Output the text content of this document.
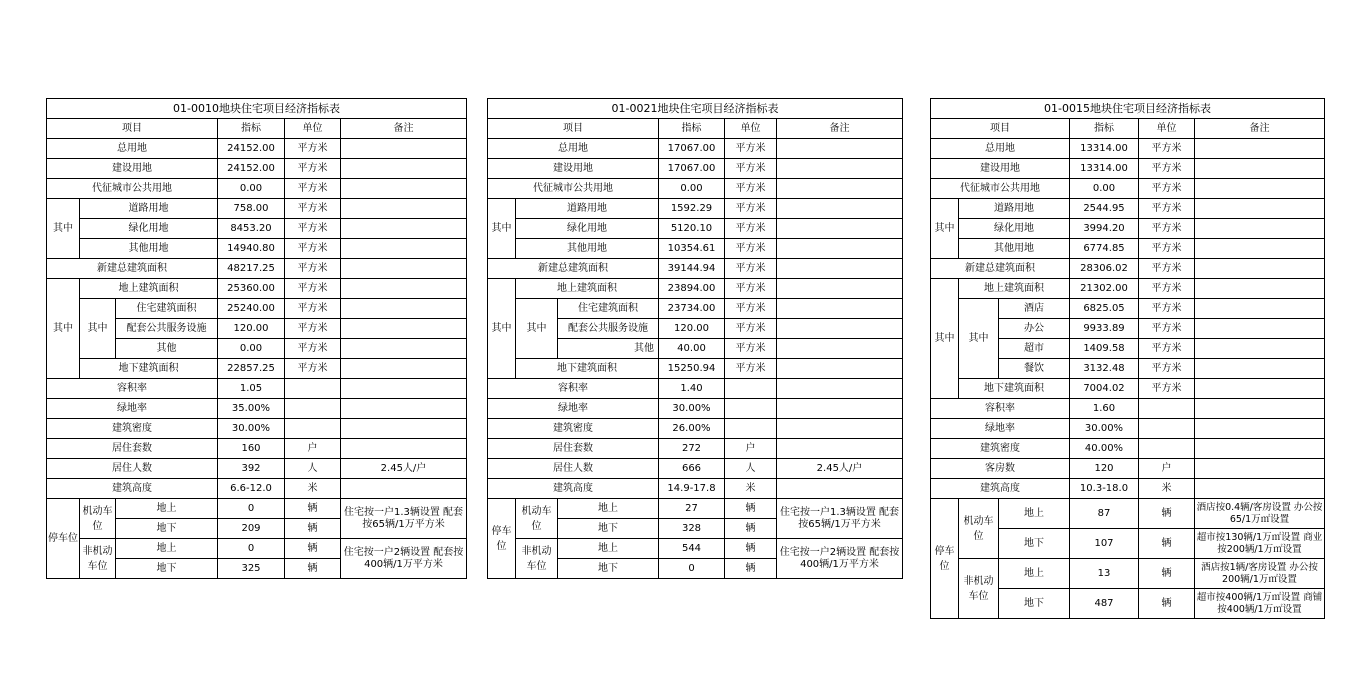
01-0010地块住宅项目经济指标表					
项目			指标	单位	备注
总用地			24152.00	平方米	
建设用地			24152.00	平方米	
代征城市公共用地			0.00	平方米	
其中	道路用地		758.00	平方米	
	绿化用地		8453.20	平方米	
	其他用地		14940.80	平方米	
新建总建筑面积			48217.25	平方米	
其中	地上建筑面积		25360.00	平方米	
	其中	住宅建筑面积	25240.00	平方米	
		配套公共服务设施	120.00	平方米	
		其他	0.00	平方米	
	地下建筑面积		22857.25	平方米	
容积率			1.05		
绿地率			35.00%		
建筑密度			30.00%		
居住套数			160	户	
居住人数			392	人	2.45人/户
建筑高度			6.6-12.0	米	
停车位	机动车位	地上	0	辆	住宅按一户1.3辆设置 配套按65辆/1万平方米
		地下	209	辆	
	非机动车位	地上	0	辆	住宅按一户2辆设置 配套按400辆/1万平方米
		地下	325	辆	
01-0021地块住宅项目经济指标表					
项目			指标	单位	备注
总用地			17067.00	平方米	
建设用地			17067.00	平方米	
代征城市公共用地			0.00	平方米	
其中	道路用地		1592.29	平方米	
	绿化用地		5120.10	平方米	
	其他用地		10354.61	平方米	
新建总建筑面积			39144.94	平方米	
其中	地上建筑面积		23894.00	平方米	
	其中	住宅建筑面积	23734.00	平方米	
		配套公共服务设施	120.00	平方米	
		其他	40.00	平方米	
	地下建筑面积		15250.94	平方米	
容积率			1.40		
绿地率			30.00%		
建筑密度			26.00%		
居住套数			272	户	
居住人数			666	人	2.45人/户
建筑高度			14.9-17.8	米	
停车位	机动车位	地上	27	辆	住宅按一户1.3辆设置 配套按65辆/1万平方米
		地下	328	辆	
	非机动车位	地上	544	辆	住宅按一户2辆设置 配套按400辆/1万平方米
		地下	0	辆	
01-0015地块住宅项目经济指标表					
项目			指标	单位	备注
总用地			13314.00	平方米	
建设用地			13314.00	平方米	
代征城市公共用地			0.00	平方米	
其中	道路用地		2544.95	平方米	
	绿化用地		3994.20	平方米	
	其他用地		6774.85	平方米	
新建总建筑面积			28306.02	平方米	
其中	地上建筑面积		21302.00	平方米	
	其中	酒店	6825.05	平方米	
		办公	9933.89	平方米	
		超市	1409.58	平方米	
		餐饮	3132.48	平方米	
	地下建筑面积		7004.02	平方米	
容积率			1.60		
绿地率			30.00%		
建筑密度			40.00%		
客房数			120	户	
建筑高度			10.3-18.0	米	
停车位	机动车位	地上	87	辆	酒店按0.4辆/客房设置 办公按65/1万㎡设置
		地下	107	辆	超市按130辆/1万㎡设置 商业按200辆/1万㎡设置
	非机动车位	地上	13	辆	酒店按1辆/客房设置 办公按200辆/1万㎡设置
		地下	487	辆	超市按400辆/1万㎡设置 商铺按400辆/1万㎡设置
